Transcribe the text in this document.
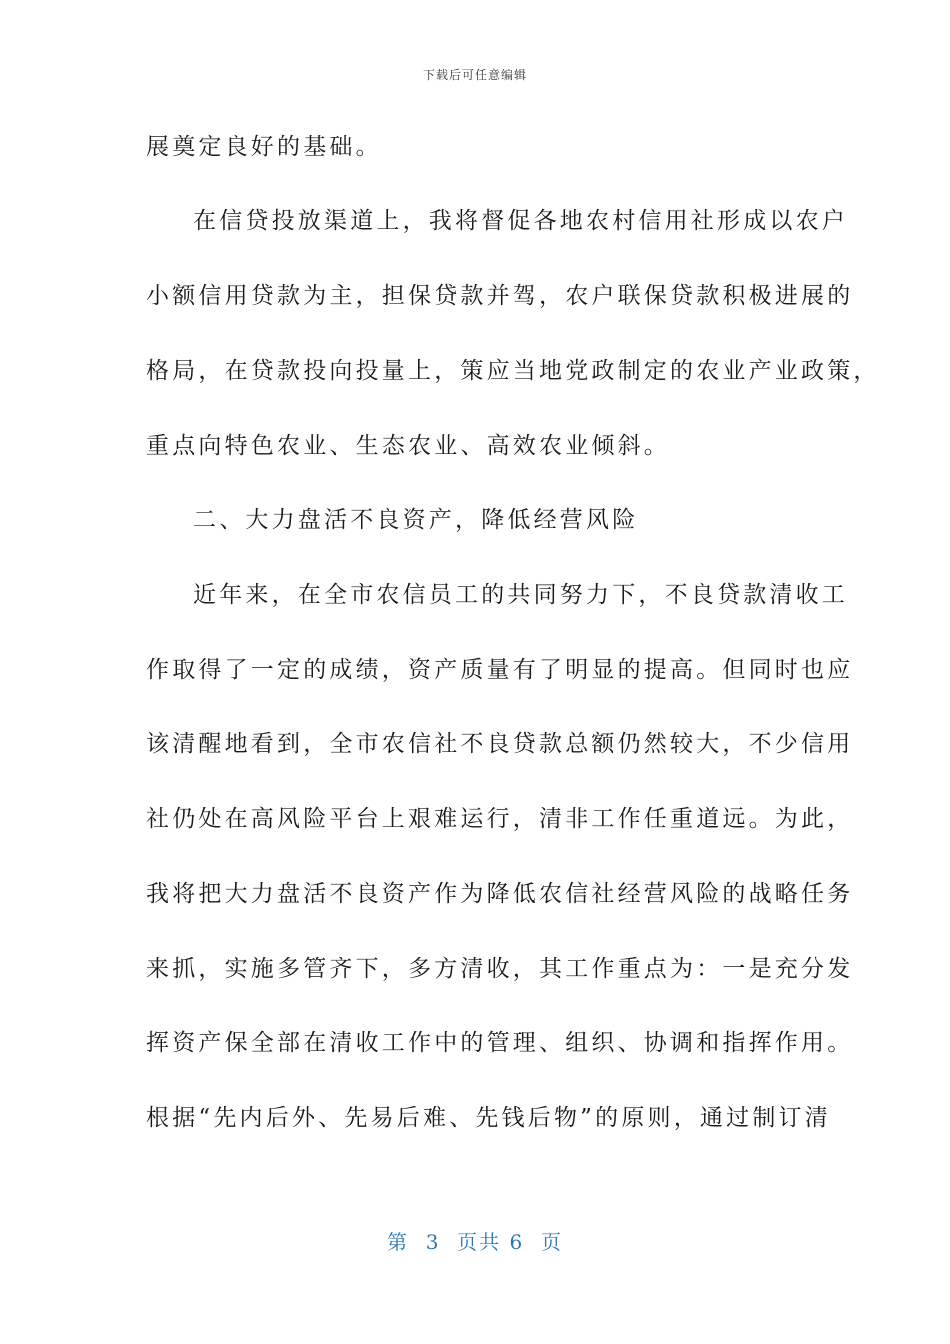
下载后可任意编辑
展奠定良好的基础。
在信贷投放渠道上，我将督促各地农村信用社形成以农户
小额信用贷款为主，担保贷款并驾，农户联保贷款积极进展的
格局，在贷款投向投量上，策应当地党政制定的农业产业政策，
重点向特色农业、生态农业、高效农业倾斜。
二、大力盘活不良资产，降低经营风险
近年来，在全市农信员工的共同努力下，不良贷款清收工
作取得了一定的成绩，资产质量有了明显的提高。但同时也应
该清醒地看到，全市农信社不良贷款总额仍然较大，不少信用
社仍处在高风险平台上艰难运行，清非工作任重道远。为此，
我将把大力盘活不良资产作为降低农信社经营风险的战略任务
来抓，实施多管齐下，多方清收，其工作重点为：一是充分发
挥资产保全部在清收工作中的管理、组织、协调和指挥作用。
根据“先内后外、先易后难、先钱后物”的原则，通过制订清
第  3  页共 6  页
